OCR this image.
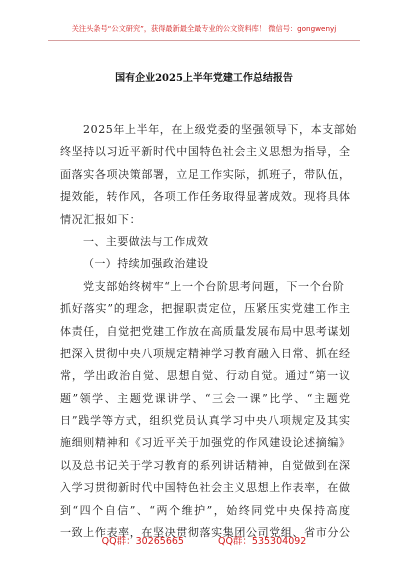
关注头条号“公文研究”，获得最新最全最专业的公文资料库！ 微信号：gongwenyj
国有企业2025上半年党建工作总结报告
2025年上半年，在上级党委的坚强领导下，本支部始
终坚持以习近平新时代中国特色社会主义思想为指导，全
面落实各项决策部署，立足工作实际，抓班子，带队伍，
提效能，转作风，各项工作任务取得显著成效。现将具体
情况汇报如下：
一、主要做法与工作成效
（一）持续加强政治建设
党支部始终树牢“上一个台阶思考问题，下一个台阶
抓好落实”的理念，把握职责定位，压紧压实党建工作主
体责任，自觉把党建工作放在高质量发展布局中思考谋划
把深入贯彻中央八项规定精神学习教育融入日常、抓在经
常，学出政治自觉、思想自觉、行动自觉。通过“第一议
题”领学、主题党课讲学、“三会一课”比学、“主题党
日”践学等方式，组织党员认真学习中央八项规定及其实
施细则精神和《习近平关于加强党的作风建设论述摘编》
以及总书记关于学习教育的系列讲话精神，自觉做到在深
入学习贯彻新时代中国特色社会主义思想上作表率，在做
到“四个自信”、“两个维护”，始终同党中央保持高度
一致上作表率，在坚决贯彻落实集团公司党组、省市分公
QQ群：30265665	QQ群：535304092
